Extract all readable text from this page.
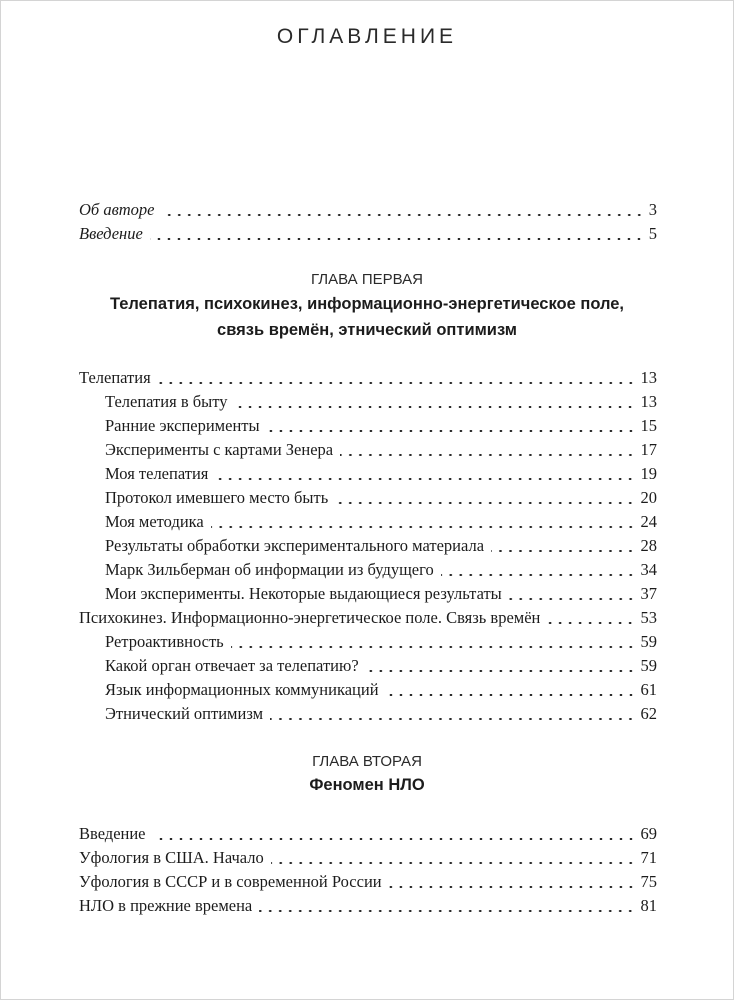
ОГЛАВЛЕНИЕ
Об авторе	3
Введение	5
ГЛАВА ПЕРВАЯ
Телепатия, психокинез, информационно-энергетическое поле,
связь времён, этнический оптимизм
Телепатия	13
Телепатия в быту	13
Ранние эксперименты	15
Эксперименты с картами Зенера	17
Моя телепатия	19
Протокол имевшего место быть	20
Моя методика	24
Результаты обработки экспериментального материала	28
Марк Зильберман об информации из будущего	34
Мои эксперименты. Некоторые выдающиеся результаты	37
Психокинез. Информационно-энергетическое поле. Связь времён	53
Ретроактивность	59
Какой орган отвечает за телепатию?	59
Язык информационных коммуникаций	61
Этнический оптимизм	62
ГЛАВА ВТОРАЯ
Феномен НЛО
Введение	69
Уфология в США. Начало	71
Уфология в СССР и в современной России	75
НЛО в прежние времена	81
